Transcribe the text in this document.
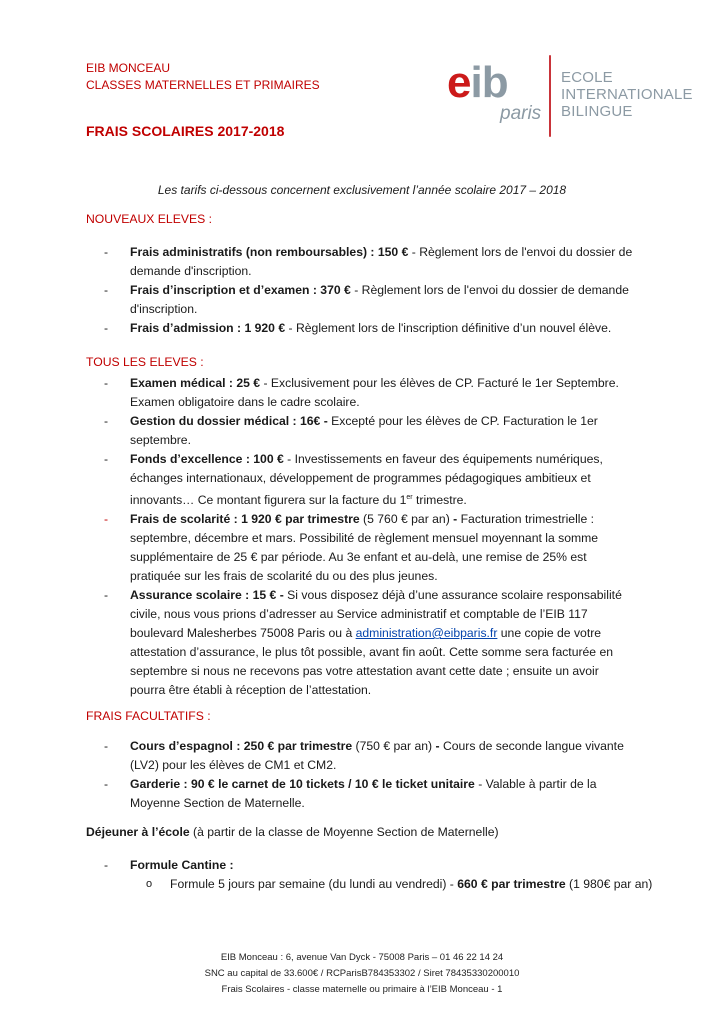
EIB MONCEAU
CLASSES MATERNELLES ET PRIMAIRES
FRAIS SCOLAIRES 2017-2018
eib
paris
ECOLE
INTERNATIONALE
BILINGUE
Les tarifs ci-dessous concernent exclusivement l’année scolaire 2017 – 2018
NOUVEAUX ELEVES :
- Frais administratifs (non remboursables) : 150 € - Règlement lors de l'envoi du dossier de demande d'inscription.
- Frais d’inscription et d’examen : 370 € - Règlement lors de l'envoi du dossier de demande d'inscription.
- Frais d’admission : 1 920 € - Règlement lors de l'inscription définitive d’un nouvel élève.
TOUS LES ELEVES :
- Examen médical : 25 € - Exclusivement pour les élèves de CP. Facturé le 1er Septembre. Examen obligatoire dans le cadre scolaire.
- Gestion du dossier médical : 16€ - Excepté pour les élèves de CP. Facturation le 1er septembre.
- Fonds d’excellence : 100 € - Investissements en faveur des équipements numériques, échanges internationaux, développement de programmes pédagogiques ambitieux et innovants… Ce montant figurera sur la facture du 1er trimestre.
- Frais de scolarité : 1 920 € par trimestre (5 760 € par an) - Facturation trimestrielle : septembre, décembre et mars. Possibilité de règlement mensuel moyennant la somme supplémentaire de 25 € par période. Au 3e enfant et au-delà, une remise de 25% est pratiquée sur les frais de scolarité du ou des plus jeunes.
- Assurance scolaire : 15 € - Si vous disposez déjà d’une assurance scolaire responsabilité civile, nous vous prions d’adresser au Service administratif et comptable de l’EIB 117 boulevard Malesherbes 75008 Paris ou à administration@eibparis.fr une copie de votre attestation d’assurance, le plus tôt possible, avant fin août. Cette somme sera facturée en septembre si nous ne recevons pas votre attestation avant cette date ; ensuite un avoir pourra être établi à réception de l’attestation.
FRAIS FACULTATIFS :
- Cours d’espagnol : 250 € par trimestre (750 € par an) - Cours de seconde langue vivante (LV2) pour les élèves de CM1 et CM2.
- Garderie : 90 € le carnet de 10 tickets / 10 € le ticket unitaire - Valable à partir de la Moyenne Section de Maternelle.
Déjeuner à l’école (à partir de la classe de Moyenne Section de Maternelle)
- Formule Cantine :
o Formule 5 jours par semaine (du lundi au vendredi) - 660 € par trimestre (1 980€ par an)
EIB Monceau : 6, avenue Van Dyck - 75008 Paris – 01 46 22 14 24
SNC au capital de 33.600€ / RCParisB784353302 / Siret 78435330200010
Frais Scolaires - classe maternelle ou primaire à l’EIB Monceau - 1
